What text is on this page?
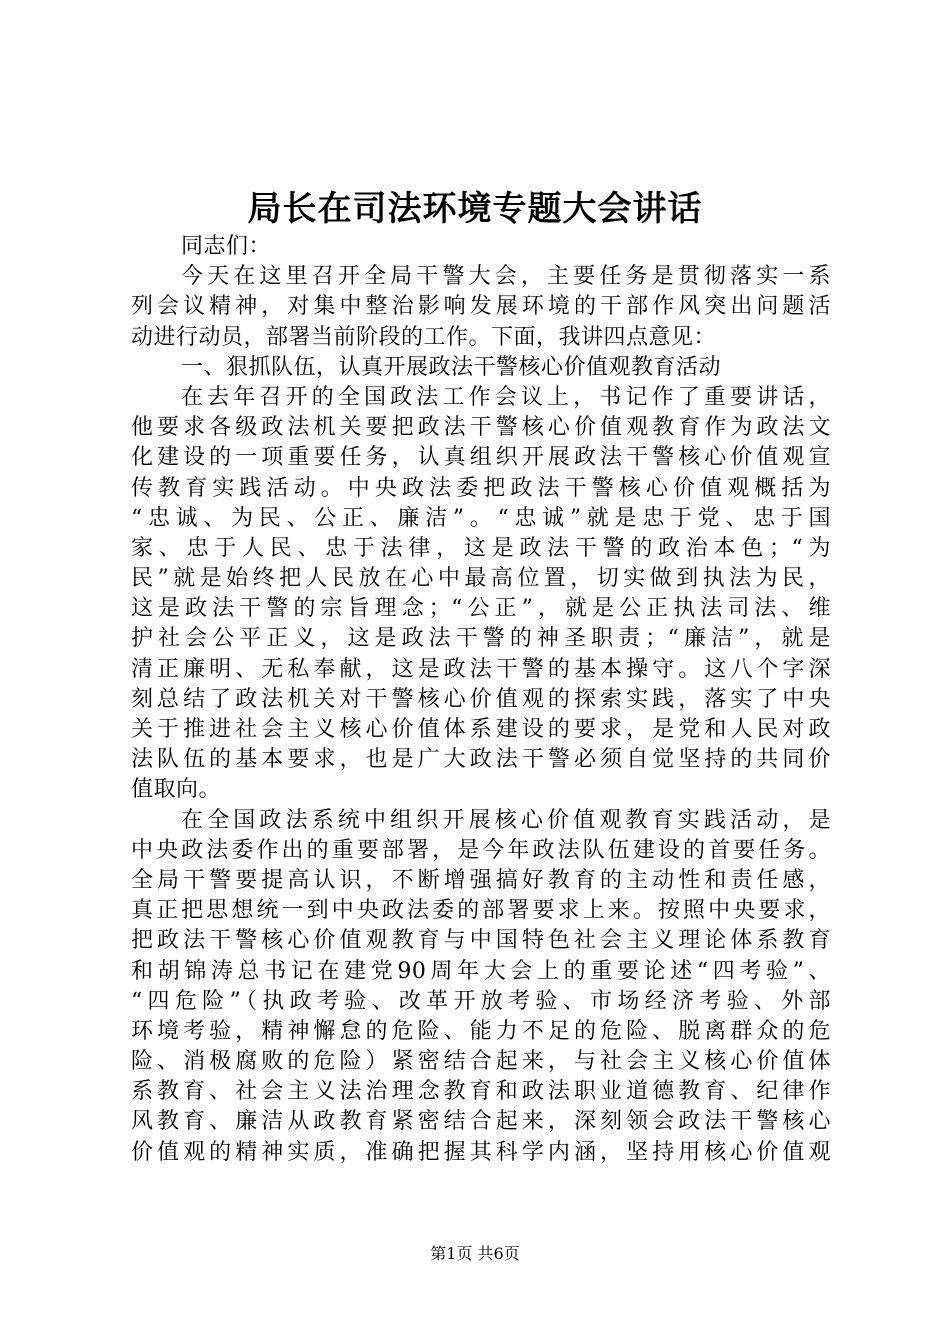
局长在司法环境专题大会讲话
同志们：
今天在这里召开全局干警大会，主要任务是贯彻落实一系
列会议精神，对集中整治影响发展环境的干部作风突出问题活
动进行动员，部署当前阶段的工作。下面，我讲四点意见：
一、狠抓队伍，认真开展政法干警核心价值观教育活动
在去年召开的全国政法工作会议上，书记作了重要讲话，
他要求各级政法机关要把政法干警核心价值观教育作为政法文
化建设的一项重要任务，认真组织开展政法干警核心价值观宣
传教育实践活动。中央政法委把政法干警核心价值观概括为
“忠诚、为民、公正、廉洁”。“忠诚”就是忠于党、忠于国
家、忠于人民、忠于法律，这是政法干警的政治本色；“为
民”就是始终把人民放在心中最高位置，切实做到执法为民，
这是政法干警的宗旨理念；“公正”，就是公正执法司法、维
护社会公平正义，这是政法干警的神圣职责；“廉洁”，就是
清正廉明、无私奉献，这是政法干警的基本操守。这八个字深
刻总结了政法机关对干警核心价值观的探索实践，落实了中央
关于推进社会主义核心价值体系建设的要求，是党和人民对政
法队伍的基本要求，也是广大政法干警必须自觉坚持的共同价
值取向。
在全国政法系统中组织开展核心价值观教育实践活动，是
中央政法委作出的重要部署，是今年政法队伍建设的首要任务。
全局干警要提高认识，不断增强搞好教育的主动性和责任感，
真正把思想统一到中央政法委的部署要求上来。按照中央要求，
把政法干警核心价值观教育与中国特色社会主义理论体系教育
和胡锦涛总书记在建党90周年大会上的重要论述“四考验”、
“四危险”（执政考验、改革开放考验、市场经济考验、外部
环境考验，精神懈怠的危险、能力不足的危险、脱离群众的危
险、消极腐败的危险）紧密结合起来，与社会主义核心价值体
系教育、社会主义法治理念教育和政法职业道德教育、纪律作
风教育、廉洁从政教育紧密结合起来，深刻领会政法干警核心
价值观的精神实质，准确把握其科学内涵，坚持用核心价值观
第1页 共6页
